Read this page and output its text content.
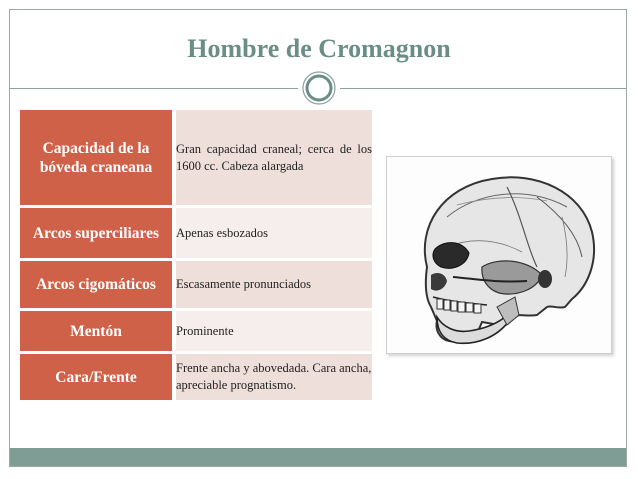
Hombre de Cromagnon
Capacidad de la bóveda craneana	Gran capacidad craneal; cerca de los 1600 cc. Cabeza alargada
Arcos superciliares	Apenas esbozados
Arcos cigomáticos	Escasamente pronunciados
Mentón	Prominente
Cara/Frente	Frente ancha y abovedada. Cara ancha, apreciable prognatismo.
